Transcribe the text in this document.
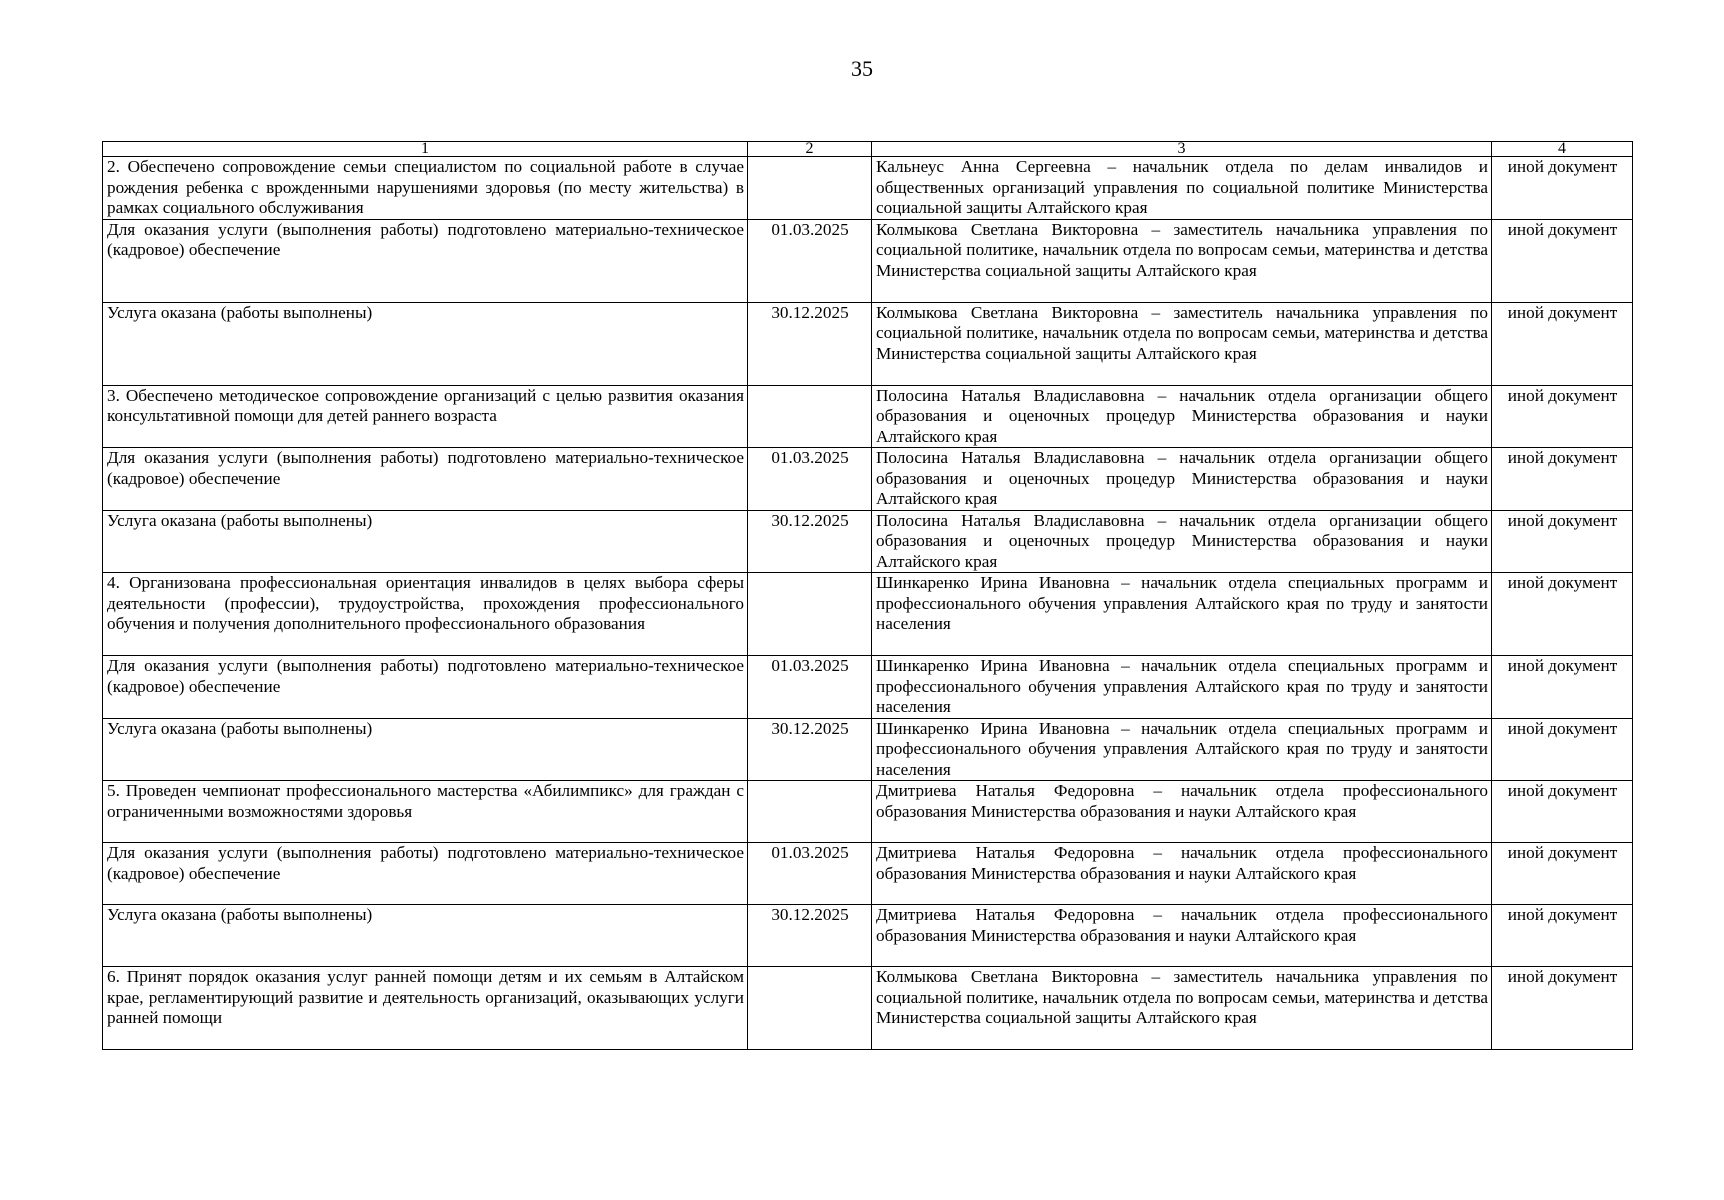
35
1	2	3	4
2. Обеспечено сопровождение семьи специалистом по социальной работе в случае рождения ребенка с врожденными нарушениями здоровья (по месту жительства) в рамках социального обслуживания		Кальнеус Анна Сергеевна – начальник отдела по делам инвалидов и общественных организаций управления по социальной политике Министерства социальной защиты Алтайского края	иной документ
Для оказания услуги (выполнения работы) подготовлено материально-техническое (кадровое) обеспечение	01.03.2025	Колмыкова Светлана Викторовна – заместитель начальника управления по социальной политике, начальник отдела по вопросам семьи, материнства и детства Министерства социальной защиты Алтайского края	иной документ
Услуга оказана (работы выполнены)	30.12.2025	Колмыкова Светлана Викторовна – заместитель начальника управления по социальной политике, начальник отдела по вопросам семьи, материнства и детства Министерства социальной защиты Алтайского края	иной документ
3. Обеспечено методическое сопровождение организаций с целью развития оказания консультативной помощи для детей раннего возраста		Полосина Наталья Владиславовна – начальник отдела организации общего образования и оценочных процедур Министерства образования и науки Алтайского края	иной документ
Для оказания услуги (выполнения работы) подготовлено материально-техническое (кадровое) обеспечение	01.03.2025	Полосина Наталья Владиславовна – начальник отдела организации общего образования и оценочных процедур Министерства образования и науки Алтайского края	иной документ
Услуга оказана (работы выполнены)	30.12.2025	Полосина Наталья Владиславовна – начальник отдела организации общего образования и оценочных процедур Министерства образования и науки Алтайского края	иной документ
4. Организована профессиональная ориентация инвалидов в целях выбора сферы деятельности (профессии), трудоустройства, прохождения профессионального обучения и получения дополнительного профессионального образования		Шинкаренко Ирина Ивановна – начальник отдела специальных программ и профессионального обучения управления Алтайского края по труду и занятости населения	иной документ
Для оказания услуги (выполнения работы) подготовлено материально-техническое (кадровое) обеспечение	01.03.2025	Шинкаренко Ирина Ивановна – начальник отдела специальных программ и профессионального обучения управления Алтайского края по труду и занятости населения	иной документ
Услуга оказана (работы выполнены)	30.12.2025	Шинкаренко Ирина Ивановна – начальник отдела специальных программ и профессионального обучения управления Алтайского края по труду и занятости населения	иной документ
5. Проведен чемпионат профессионального мастерства «Абилимпикс» для граждан с ограниченными возможностями здоровья		Дмитриева Наталья Федоровна – начальник отдела профессионального образования Министерства образования и науки Алтайского края	иной документ
Для оказания услуги (выполнения работы) подготовлено материально-техническое (кадровое) обеспечение	01.03.2025	Дмитриева Наталья Федоровна – начальник отдела профессионального образования Министерства образования и науки Алтайского края	иной документ
Услуга оказана (работы выполнены)	30.12.2025	Дмитриева Наталья Федоровна – начальник отдела профессионального образования Министерства образования и науки Алтайского края	иной документ
6. Принят порядок оказания услуг ранней помощи детям и их семьям в Алтайском крае, регламентирующий развитие и деятельность организаций, оказывающих услуги ранней помощи		Колмыкова Светлана Викторовна – заместитель начальника управления по социальной политике, начальник отдела по вопросам семьи, материнства и детства Министерства социальной защиты Алтайского края	иной документ
